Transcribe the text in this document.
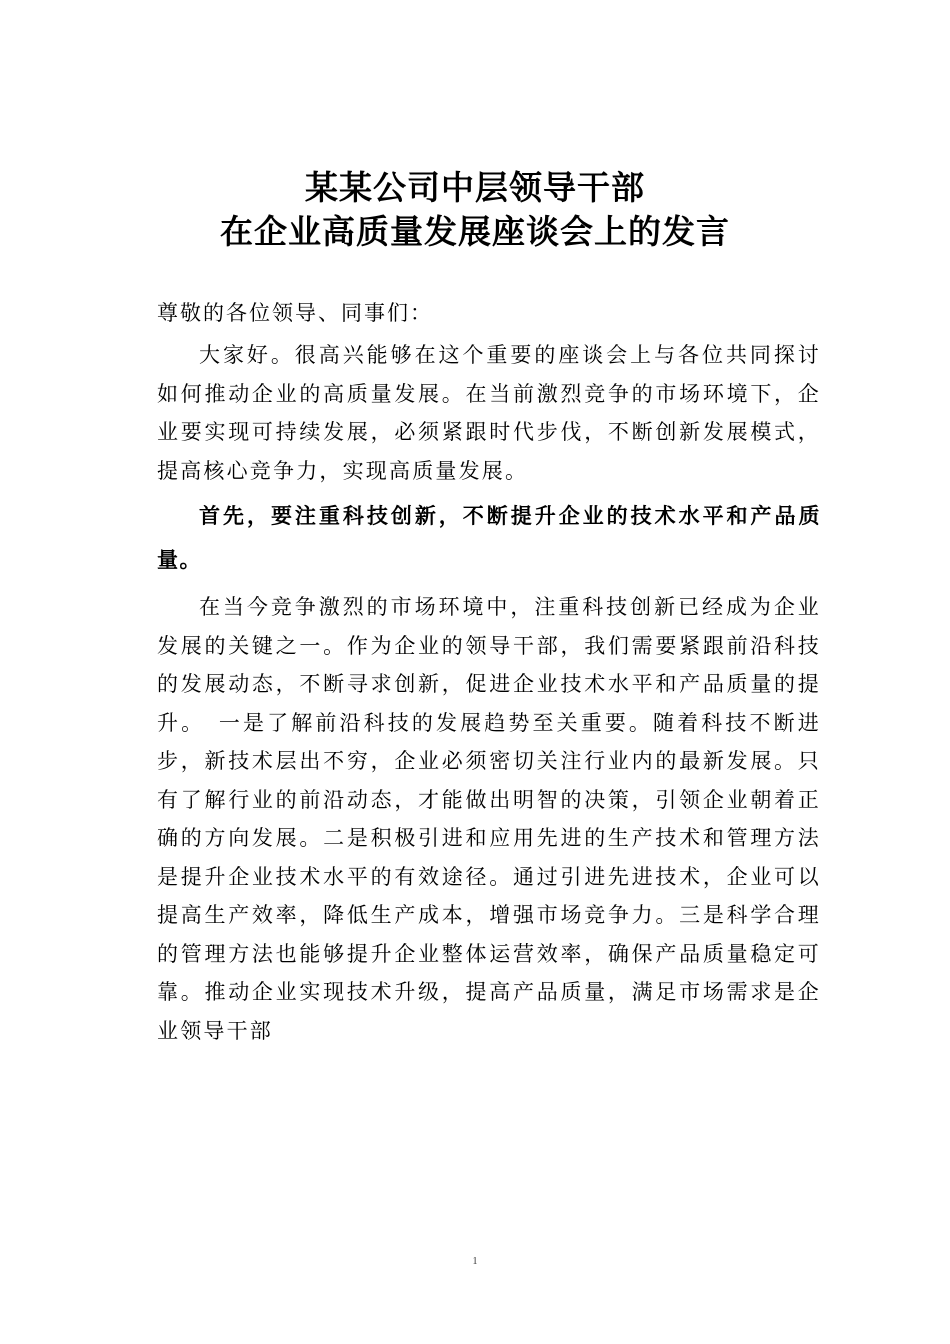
某某公司中层领导干部
在企业高质量发展座谈会上的发言

尊敬的各位领导、同事们：

大家好。很高兴能够在这个重要的座谈会上与各位共同探讨如何推动企业的高质量发展。在当前激烈竞争的市场环境下，企业要实现可持续发展，必须紧跟时代步伐，不断创新发展模式，提高核心竞争力，实现高质量发展。

首先，要注重科技创新，不断提升企业的技术水平和产品质量。

在当今竞争激烈的市场环境中，注重科技创新已经成为企业发展的关键之一。作为企业的领导干部，我们需要紧跟前沿科技的发展动态，不断寻求创新，促进企业技术水平和产品质量的提升。　一是了解前沿科技的发展趋势至关重要。随着科技不断进步，新技术层出不穷，企业必须密切关注行业内的最新发展。只有了解行业的前沿动态，才能做出明智的决策，引领企业朝着正确的方向发展。二是积极引进和应用先进的生产技术和管理方法是提升企业技术水平的有效途径。通过引进先进技术，企业可以提高生产效率，降低生产成本，增强市场竞争力。三是科学合理的管理方法也能够提升企业整体运营效率，确保产品质量稳定可靠。推动企业实现技术升级，提高产品质量，满足市场需求是企业领导干部

1
